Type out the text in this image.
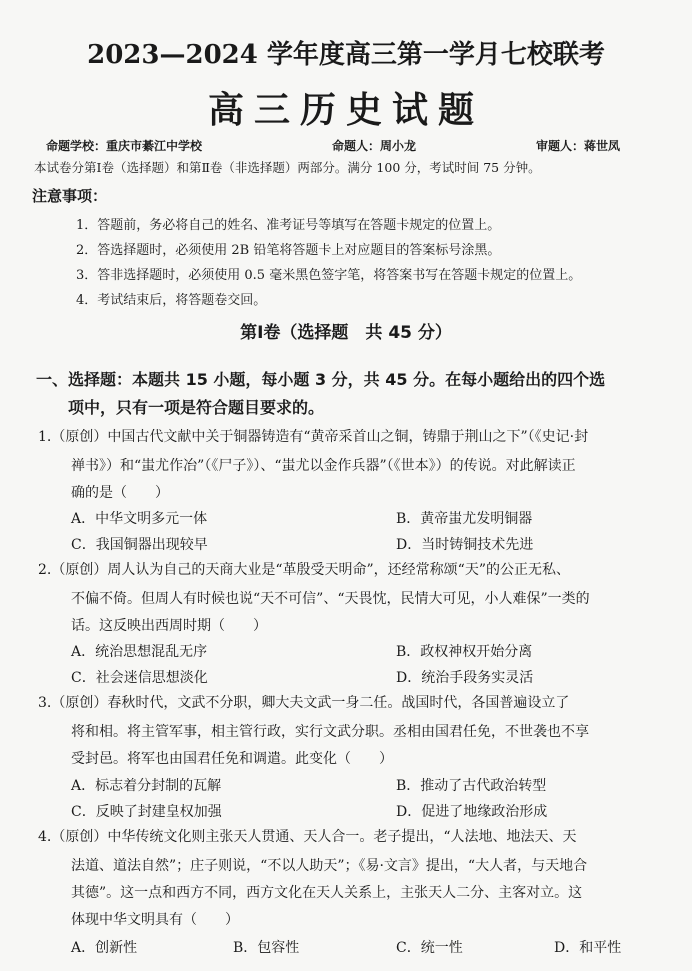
2023—2024 学年度高三第一学月七校联考
高三历史试题
命题学校：重庆市綦江中学校	命题人：周小龙	审题人：蒋世凤
本试卷分第Ⅰ卷（选择题）和第Ⅱ卷（非选择题）两部分。满分 100 分，考试时间 75 分钟。
注意事项：
1．答题前，务必将自己的姓名、准考证号等填写在答题卡规定的位置上。
2．答选择题时，必须使用 2B 铅笔将答题卡上对应题目的答案标号涂黑。
3．答非选择题时，必须使用 0.5 毫米黑色签字笔，将答案书写在答题卡规定的位置上。
4．考试结束后，将答题卷交回。
第Ⅰ卷（选择题　共 45 分）
一、选择题：本题共 15 小题，每小题 3 分，共 45 分。在每小题给出的四个选
项中，只有一项是符合题目要求的。
1.（原创）中国古代文献中关于铜器铸造有“黄帝采首山之铜，铸鼎于荆山之下”（《史记·封
禅书》）和“蚩尤作冶”（《尸子》）、“蚩尤以金作兵器”（《世本》）的传说。对此解读正
确的是（　　）
A．中华文明多元一体	B．黄帝蚩尤发明铜器
C．我国铜器出现较早	D．当时铸铜技术先进
2.（原创）周人认为自己的天商大业是“革殷受天明命”，还经常称颂“天”的公正无私、
不偏不倚。但周人有时候也说“天不可信”、“天畏忱，民情大可见，小人难保”一类的
话。这反映出西周时期（　　）
A．统治思想混乱无序	B．政权神权开始分离
C．社会迷信思想淡化	D．统治手段务实灵活
3.（原创）春秋时代，文武不分职，卿大夫文武一身二任。战国时代，各国普遍设立了
将和相。将主管军事，相主管行政，实行文武分职。丞相由国君任免，不世袭也不享
受封邑。将军也由国君任免和调遣。此变化（　　）
A．标志着分封制的瓦解	B．推动了古代政治转型
C．反映了封建皇权加强	D．促进了地缘政治形成
4.（原创）中华传统文化则主张天人贯通、天人合一。老子提出，“人法地、地法天、天
法道、道法自然”；庄子则说，“不以人助天”；《易·文言》提出，“大人者，与天地合
其德”。这一点和西方不同，西方文化在天人关系上，主张天人二分、主客对立。这
体现中华文明具有（　　）
A．创新性	B．包容性	C．统一性	D．和平性
